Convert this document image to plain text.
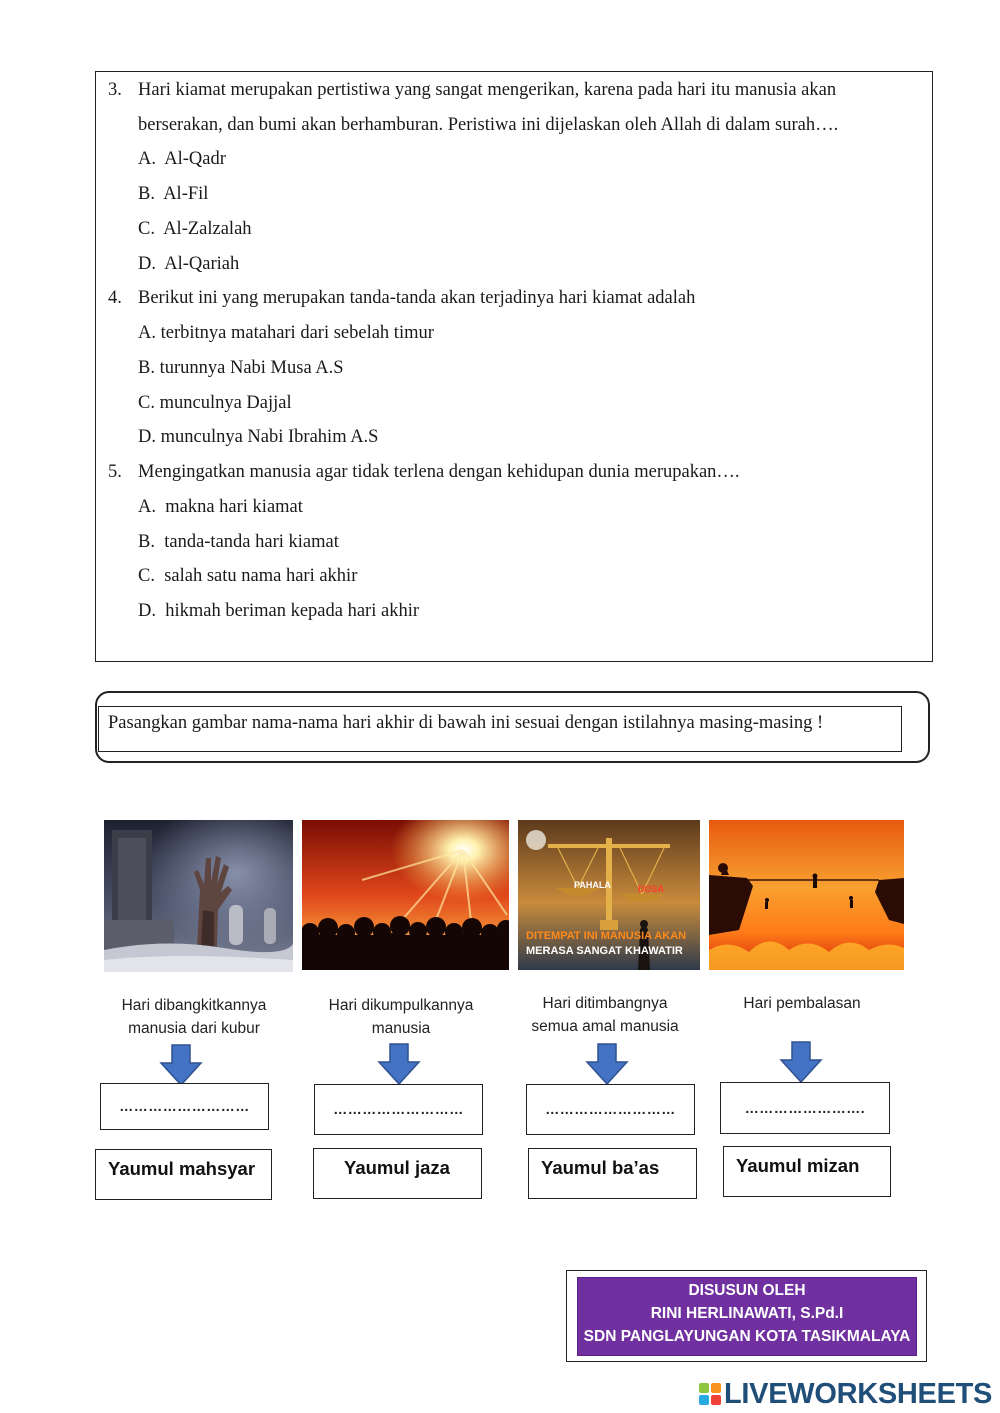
3. Hari kiamat merupakan pertistiwa yang sangat mengerikan, karena pada hari itu manusia akan
berserakan, dan bumi akan berhamburan. Peristiwa ini dijelaskan oleh Allah di dalam surah….
A.  Al-Qadr
B.  Al-Fil
C.  Al-Zalzalah
D.  Al-Qariah
4. Berikut ini yang merupakan tanda-tanda akan terjadinya hari kiamat adalah
A. terbitnya matahari dari sebelah timur
B. turunnya Nabi Musa A.S
C. munculnya Dajjal
D. munculnya Nabi Ibrahim A.S
5. Mengingatkan manusia agar tidak terlena dengan kehidupan dunia merupakan….
A.  makna hari kiamat
B.  tanda-tanda hari kiamat
C.  salah satu nama hari akhir
D.  hikmah beriman kepada hari akhir
Pasangkan gambar nama-nama hari akhir di bawah ini sesuai dengan istilahnya masing-masing !
PAHALA	DOSA
DITEMPAT INI MANUSIA AKAN
MERASA SANGAT KHAWATIR
Hari dibangkitkannya
manusia dari kubur
Hari dikumpulkannya
manusia
Hari ditimbangnya
semua amal manusia
Hari pembalasan
………………………	………………………	………………………	…………………….
Yaumul mahsyar	Yaumul jaza	Yaumul ba’as	Yaumul mizan
DISUSUN OLEH
RINI HERLINAWATI, S.Pd.I
SDN PANGLAYUNGAN KOTA TASIKMALAYA
LIVEWORKSHEETS
